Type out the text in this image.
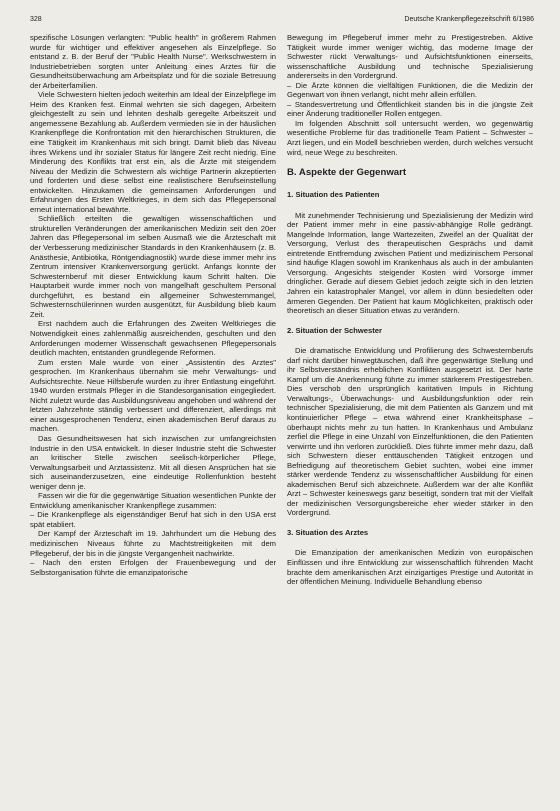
328	Deutsche Krankenpflegezeitschrift 6/1986

spezifische Lösungen verlangten: "Public health" in größerem Rahmen wurde für wichtiger und effektiver angesehen als Einzelpflege. So entstand z. B. der Beruf der "Public Health Nurse". Werkschwestern in Industriebetrieben sorgten unter Anleitung eines Arztes für die Gesundheitsüberwachung am Arbeitsplatz und für die soziale Betreuung der Arbeiterfamilien.

Viele Schwestern hielten jedoch weiterhin am Ideal der Einzelpflege im Heim des Kranken fest. Einmal wehrten sie sich dagegen, Arbeitern gleichgestellt zu sein und lehnten deshalb geregelte Arbeitszeit und angemessene Bezahlung ab. Außerdem vermieden sie in der häuslichen Krankenpflege die Konfrontation mit den hierarchischen Strukturen, die eine Tätigkeit im Krankenhaus mit sich bringt. Damit blieb das Niveau ihres Wirkens und ihr sozialer Status für längere Zeit recht niedrig. Eine Minderung des Konflikts trat erst ein, als die Ärzte mit steigendem Niveau der Medizin die Schwestern als wichtige Partnerin akzeptierten und forderten und diese selbst eine realistischere Berufseinstellung entwickelten. Hinzukamen die gemeinsamen Anforderungen und Erfahrungen des Ersten Weltkrieges, in dem sich das Pflegepersonal erneut international bewährte.

Schließlich erteilten die gewaltigen wissenschaftlichen und strukturellen Veränderungen der amerikanischen Medizin seit den 20er Jahren das Pflegepersonal im selben Ausmaß wie die Ärzteschaft mit der Verbesserung medizinischer Standards in den Krankenhäusern (z. B. Anästhesie, Antibiotika, Röntgendiagnostik) wurde diese immer mehr ins Zentrum intensiver Krankenversorgung gerückt. Anfangs konnte der Schwesternberuf mit dieser Entwicklung kaum Schritt halten. Die Hauptarbeit wurde immer noch von mangelhaft geschultem Personal durchgeführt, es bestand ein allgemeiner Schwesternmangel, Schwesternschülerinnen wurden ausgenützt, für Ausbildung blieb kaum Zeit.

Erst nachdem auch die Erfahrungen des Zweiten Weltkrieges die Notwendigkeit eines zahlenmäßig ausreichenden, geschulten und den Anforderungen moderner Wissenschaft gewachsenen Pflegepersonals deutlich machten, entstanden grundlegende Reformen.

Zum ersten Male wurde von einer „Assistentin des Arztes" gesprochen. Im Krankenhaus übernahm sie mehr Verwaltungs- und Aufsichtsrechte. Neue Hilfsberufe wurden zu ihrer Entlastung eingeführt. 1940 wurden erstmals Pfleger in die Standesorganisation eingegliedert. Nicht zuletzt wurde das Ausbildungsniveau angehoben und während der letzten Jahrzehnte ständig verbessert und differenziert, allerdings mit einer ausgesprochenen Tendenz, einen akademischen Beruf daraus zu machen.

Das Gesundheitswesen hat sich inzwischen zur umfangreichsten Industrie in den USA entwickelt. In dieser Industrie steht die Schwester an kritischer Stelle zwischen seelisch-körperlicher Pflege, Verwaltungsarbeit und Arztassistenz. Mit all diesen Ansprüchen hat sie sich auseinanderzusetzen, eine eindeutige Rollenfunktion besteht weniger denn je.

Fassen wir die für die gegenwärtige Situation wesentlichen Punkte der Entwicklung amerikanischer Krankenpflege zusammen:

– Die Krankenpflege als eigenständiger Beruf hat sich in den USA erst spät etabliert.

Der Kampf der Ärzteschaft im 19. Jahrhundert um die Hebung des medizinischen Niveaus führte zu Machtstreitigkeiten mit dem Pflegeberuf, der bis in die jüngste Vergangenheit nachwirkte.

– Nach den ersten Erfolgen der Frauenbewegung und der Selbstorganisation führte die emanzipatorische

Bewegung im Pflegeberuf immer mehr zu Prestigestreben. Aktive Tätigkeit wurde immer weniger wichtig, das moderne Image der Schwester rückt Verwaltungs- und Aufsichtsfunktionen einerseits, wissenschaftliche Ausbildung und technische Spezialisierung andererseits in den Vordergrund.

– Die Ärzte können die vielfältigen Funktionen, die die Medizin der Gegenwart von ihnen verlangt, nicht mehr allein erfüllen.

– Standesvertretung und Öffentlichkeit standen bis in die jüngste Zeit einer Änderung traditioneller Rollen entgegen.

Im folgenden Abschnitt soll untersucht werden, wo gegenwärtig wesentliche Probleme für das traditionelle Team Patient – Schwester – Arzt liegen, und ein Modell beschrieben werden, durch welches versucht wird, neue Wege zu beschreiten.

B. Aspekte der Gegenwart
1. Situation des Patienten

Mit zunehmender Technisierung und Spezialisierung der Medizin wird der Patient immer mehr in eine passiv-abhängige Rolle gedrängt. Mangelnde Information, lange Wartezeiten, Zweifel an der Qualität der Versorgung, Verlust des therapeutischen Gesprächs und damit eintretende Entfremdung zwischen Patient und medizinischem Personal sind häufige Klagen sowohl im Krankenhaus als auch in der ambulanten Versorgung. Angesichts steigender Kosten wird Vorsorge immer dringlicher. Gerade auf diesem Gebiet jedoch zeigte sich in den letzten Jahren ein katastrophaler Mangel, vor allem in dünn besiedelten oder ärmeren Gegenden. Der Patient hat kaum Möglichkeiten, praktisch oder theoretisch an dieser Situation etwas zu verändern.

2. Situation der Schwester

Die dramatische Entwicklung und Profilierung des Schwesternberufs darf nicht darüber hinwegtäuschen, daß ihre gegenwärtige Stellung und ihr Selbstverständnis erheblichen Konflikten ausgesetzt ist. Der harte Kampf um die Anerkennung führte zu immer stärkerem Prestigestreben. Dies verschob den ursprünglich karitativen Impuls in Richtung Verwaltungs-, Überwachungs- und Ausbildungsfunktion oder rein technischer Spezialisierung, die mit dem Patienten als Ganzem und mit kontinuierlicher Pflege – etwa während einer Krankheitsphase – überhaupt nichts mehr zu tun hatten. In Krankenhaus und Ambulanz zerfiel die Pflege in eine Unzahl von Einzelfunktionen, die den Patienten verwirrte und ihn verloren zurückließ. Dies führte immer mehr dazu, daß sich Schwestern dieser enttäuschenden Tätigkeit entzogen und Befriedigung auf theoretischem Gebiet suchten, wobei eine immer stärker werdende Tendenz zu wissenschaftlicher Ausbildung für einen akademischen Beruf sich abzeichnete. Außerdem war der alte Konflikt Arzt – Schwester keineswegs ganz beseitigt, sondern trat mit der Vielfalt der medizinischen Versorgungsbereiche eher wieder stärker in den Vordergrund.

3. Situation des Arztes

Die Emanzipation der amerikanischen Medizin von europäischen Einflüssen und ihre Entwicklung zur wissenschaftlich führenden Macht brachte dem amerikanischen Arzt einzigartiges Prestige und Autorität in der öffentlichen Meinung. Individuelle Behandlung ebenso
